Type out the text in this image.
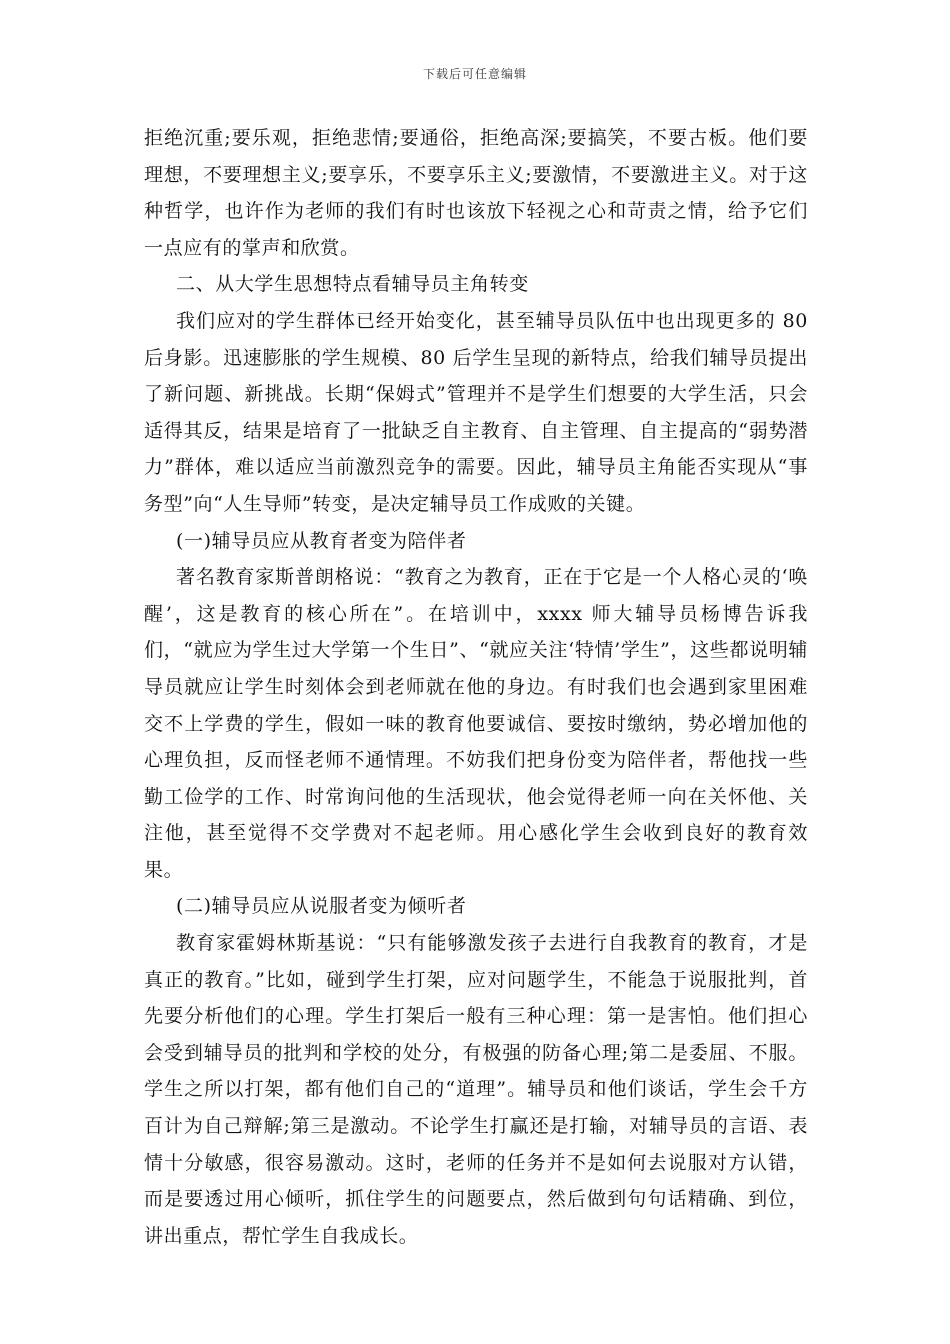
下载后可任意编辑

拒绝沉重;要乐观，拒绝悲情;要通俗，拒绝高深;要搞笑，不要古板。他们要理想，不要理想主义;要享乐，不要享乐主义;要激情，不要激进主义。对于这种哲学，也许作为老师的我们有时也该放下轻视之心和苛责之情，给予它们一点应有的掌声和欣赏。

二、从大学生思想特点看辅导员主角转变

我们应对的学生群体已经开始变化，甚至辅导员队伍中也出现更多的 80 后身影。迅速膨胀的学生规模、80 后学生呈现的新特点，给我们辅导员提出了新问题、新挑战。长期“保姆式”管理并不是学生们想要的大学生活，只会适得其反，结果是培育了一批缺乏自主教育、自主管理、自主提高的“弱势潜力”群体，难以适应当前激烈竞争的需要。因此，辅导员主角能否实现从“事务型”向“人生导师”转变，是决定辅导员工作成败的关键。

(一)辅导员应从教育者变为陪伴者

著名教育家斯普朗格说：“教育之为教育，正在于它是一个人格心灵的‘唤醒’，这是教育的核心所在”。在培训中，xxxx 师大辅导员杨博告诉我们，“就应为学生过大学第一个生日”、“就应关注‘特情’学生”，这些都说明辅导员就应让学生时刻体会到老师就在他的身边。有时我们也会遇到家里困难交不上学费的学生，假如一味的教育他要诚信、要按时缴纳，势必增加他的心理负担，反而怪老师不通情理。不妨我们把身份变为陪伴者，帮他找一些勤工俭学的工作、时常询问他的生活现状，他会觉得老师一向在关怀他、关注他，甚至觉得不交学费对不起老师。用心感化学生会收到良好的教育效果。

(二)辅导员应从说服者变为倾听者

教育家霍姆林斯基说：“只有能够激发孩子去进行自我教育的教育，才是真正的教育。”比如，碰到学生打架，应对问题学生，不能急于说服批判，首先要分析他们的心理。学生打架后一般有三种心理：第一是害怕。他们担心会受到辅导员的批判和学校的处分，有极强的防备心理;第二是委屈、不服。学生之所以打架，都有他们自己的“道理”。辅导员和他们谈话，学生会千方百计为自己辩解;第三是激动。不论学生打赢还是打输，对辅导员的言语、表情十分敏感，很容易激动。这时，老师的任务并不是如何去说服对方认错，而是要透过用心倾听，抓住学生的问题要点，然后做到句句话精确、到位，讲出重点，帮忙学生自我成长。
